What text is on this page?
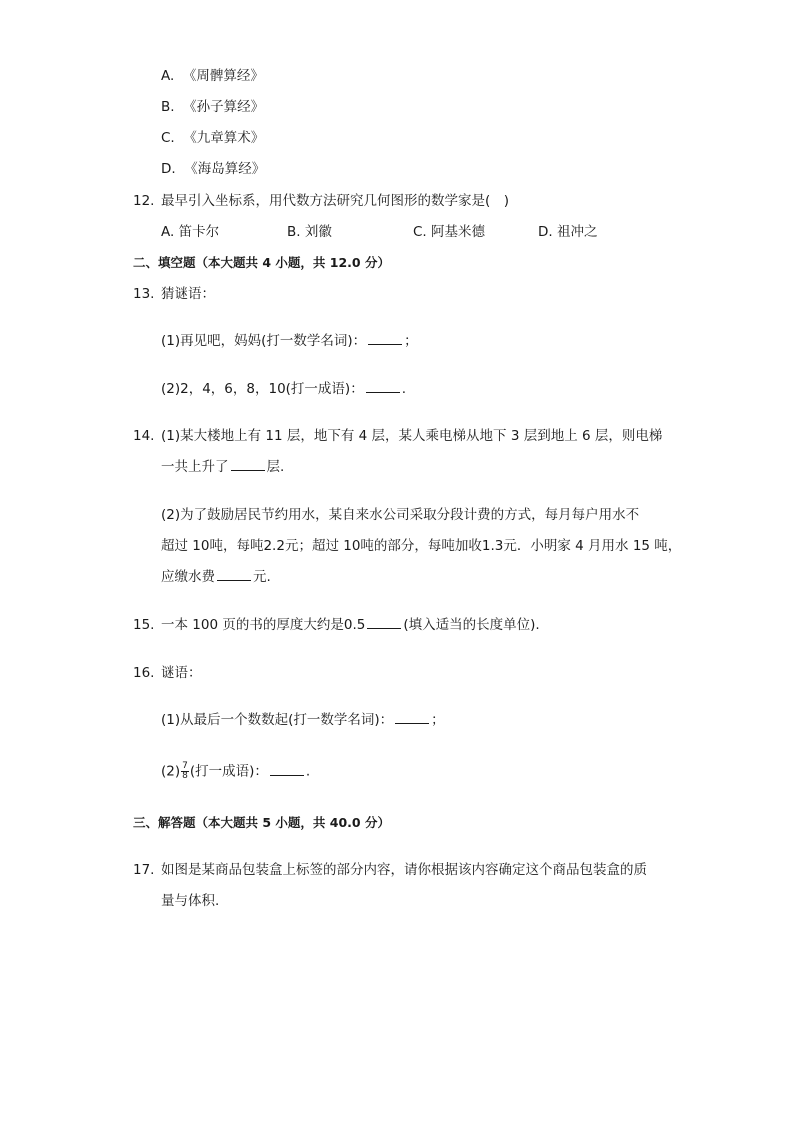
A. 《周髀算经》
B. 《孙子算经》
C. 《九章算术》
D. 《海岛算经》
12. 最早引入坐标系，用代数方法研究几何图形的数学家是(　)
A. 笛卡尔	B. 刘徽	C. 阿基米德	D. 祖冲之
二、填空题（本大题共 4 小题，共 12.0 分）
13. 猜谜语：
(1)再见吧，妈妈(打一数学名词)：	；
(2)2，4，6，8，10(打一成语)：	.
14. (1)某大楼地上有 11 层，地下有 4 层，某人乘电梯从地下 3 层到地上 6 层，则电梯
一共上升了	层.
(2)为了鼓励居民节约用水，某自来水公司采取分段计费的方式，每月每户用水不
超过 10吨，每吨2.2元；超过 10吨的部分，每吨加收1.3元．小明家 4 月用水 15 吨，
应缴水费	元.
15. 一本 100 页的书的厚度大约是0.5	(填入适当的长度单位).
16. 谜语：
(1)从最后一个数数起(打一数学名词)：	；
$(2) \frac{7}{8}$ (打一成语)：	.
三、解答题（本大题共 5 小题，共 40.0 分）
17. 如图是某商品包装盒上标签的部分内容，请你根据该内容确定这个商品包装盒的质
量与体积.
